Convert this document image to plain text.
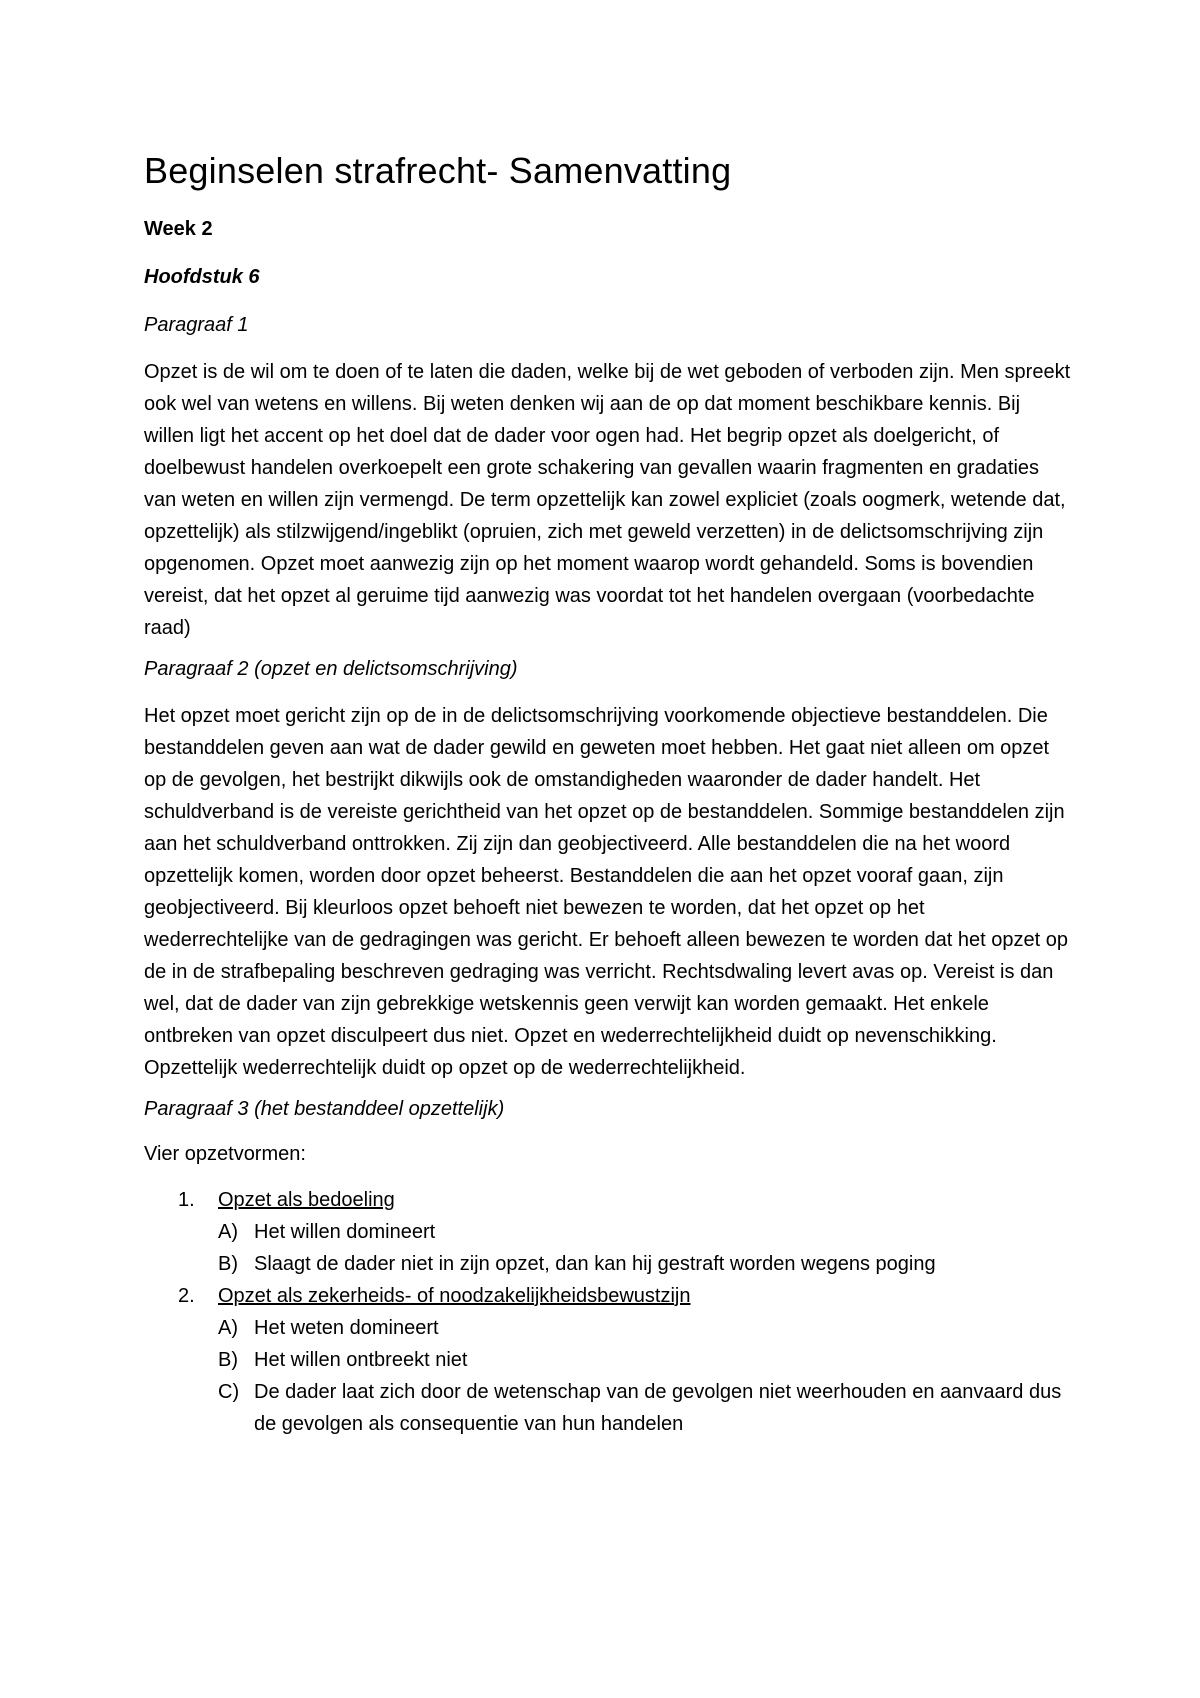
Beginselen strafrecht- Samenvatting
Week 2
Hoofdstuk 6
Paragraaf 1

Opzet is de wil om te doen of te laten die daden, welke bij de wet geboden of verboden zijn. Men spreekt ook wel van wetens en willens. Bij weten denken wij aan de op dat moment beschikbare kennis. Bij willen ligt het accent op het doel dat de dader voor ogen had. Het begrip opzet als doelgericht, of doelbewust handelen overkoepelt een grote schakering van gevallen waarin fragmenten en gradaties van weten en willen zijn vermengd. De term opzettelijk kan zowel expliciet (zoals oogmerk, wetende dat, opzettelijk) als stilzwijgend/ingeblikt (opruien, zich met geweld verzetten) in de delictsomschrijving zijn opgenomen. Opzet moet aanwezig zijn op het moment waarop wordt gehandeld. Soms is bovendien vereist, dat het opzet al geruime tijd aanwezig was voordat tot het handelen overgaan (voorbedachte raad)

Paragraaf 2 (opzet en delictsomschrijving)

Het opzet moet gericht zijn op de in de delictsomschrijving voorkomende objectieve bestanddelen. Die bestanddelen geven aan wat de dader gewild en geweten moet hebben. Het gaat niet alleen om opzet op de gevolgen, het bestrijkt dikwijls ook de omstandigheden waaronder de dader handelt. Het schuldverband is de vereiste gerichtheid van het opzet op de bestanddelen. Sommige bestanddelen zijn aan het schuldverband onttrokken. Zij zijn dan geobjectiveerd. Alle bestanddelen die na het woord opzettelijk komen, worden door opzet beheerst. Bestanddelen die aan het opzet vooraf gaan, zijn geobjectiveerd. Bij kleurloos opzet behoeft niet bewezen te worden, dat het opzet op het wederrechtelijke van de gedragingen was gericht. Er behoeft alleen bewezen te worden dat het opzet op de in de strafbepaling beschreven gedraging was verricht. Rechtsdwaling levert avas op. Vereist is dan wel, dat de dader van zijn gebrekkige wetskennis geen verwijt kan worden gemaakt. Het enkele ontbreken van opzet disculpeert dus niet. Opzet en wederrechtelijkheid duidt op nevenschikking. Opzettelijk wederrechtelijk duidt op opzet op de wederrechtelijkheid.

Paragraaf 3 (het bestanddeel opzettelijk)
Vier opzetvormen:
1. Opzet als bedoeling
A) Het willen domineert
B) Slaagt de dader niet in zijn opzet, dan kan hij gestraft worden wegens poging
2. Opzet als zekerheids- of noodzakelijkheidsbewustzijn
A) Het weten domineert
B) Het willen ontbreekt niet
C) De dader laat zich door de wetenschap van de gevolgen niet weerhouden en aanvaard dus de gevolgen als consequentie van hun handelen
